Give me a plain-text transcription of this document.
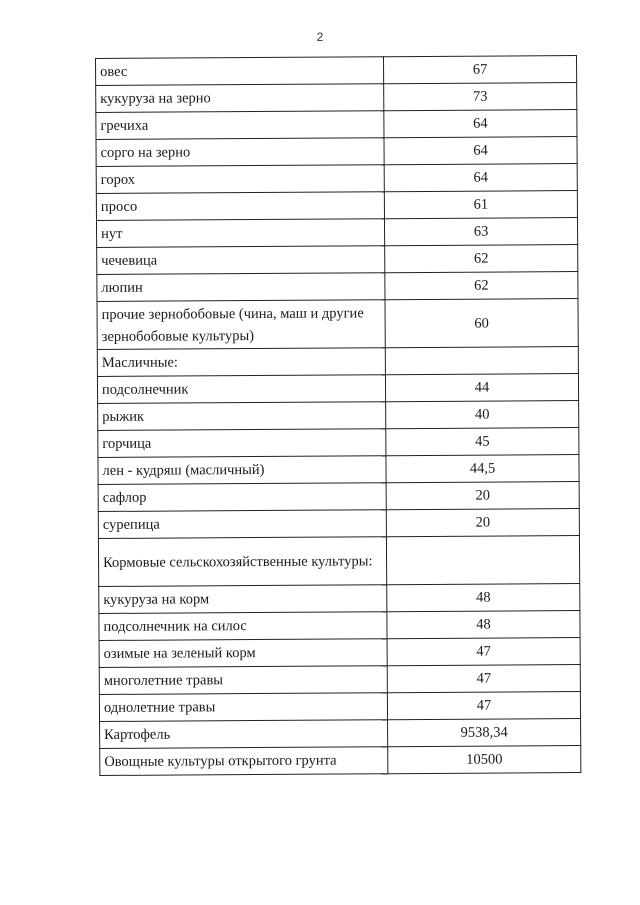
2
овес	67
кукуруза на зерно	73
гречиха	64
сорго на зерно	64
горох	64
просо	61
нут	63
чечевица	62
люпин	62
прочие зернобобовые (чина, маш и другие зернобобовые культуры)	60
Масличные:	
подсолнечник	44
рыжик	40
горчица	45
лен - кудряш (масличный)	44,5
сафлор	20
сурепица	20
Кормовые сельскохозяйственные культуры:	
кукуруза на корм	48
подсолнечник на силос	48
озимые на зеленый корм	47
многолетние травы	47
однолетние травы	47
Картофель	9538,34
Овощные культуры открытого грунта	10500
